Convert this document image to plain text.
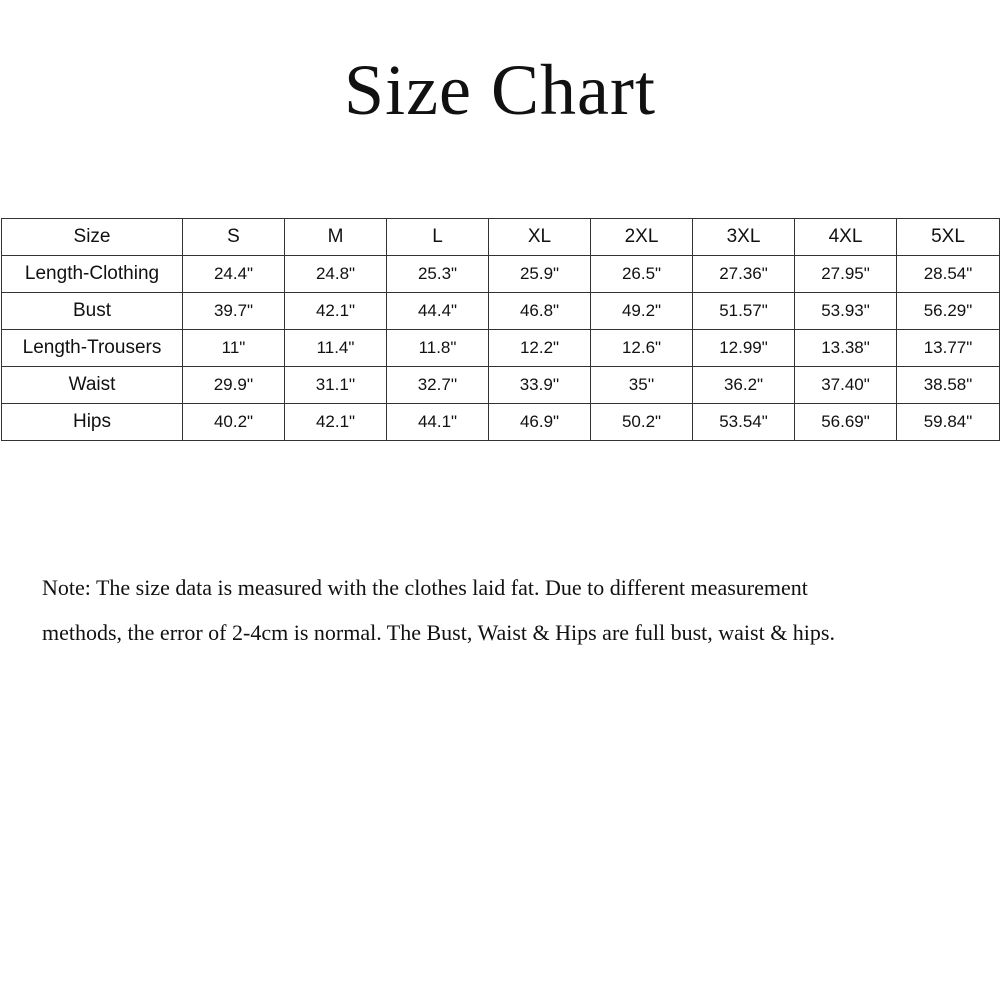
Size Chart
Size	S	M	L	XL	2XL	3XL	4XL	5XL
Length-Clothing	24.4"	24.8"	25.3"	25.9"	26.5"	27.36"	27.95"	28.54"
Bust	39.7"	42.1"	44.4"	46.8"	49.2"	51.57"	53.93"	56.29"
Length-Trousers	11"	11.4"	11.8"	12.2"	12.6"	12.99"	13.38"	13.77"
Waist	29.9''	31.1''	32.7''	33.9''	35''	36.2"	37.40"	38.58"
Hips	40.2"	42.1"	44.1"	46.9"	50.2"	53.54"	56.69"	59.84"
Note: The size data is measured with the clothes laid fat. Due to different measurement
methods, the error of 2-4cm is normal. The Bust, Waist & Hips are full bust, waist & hips.
